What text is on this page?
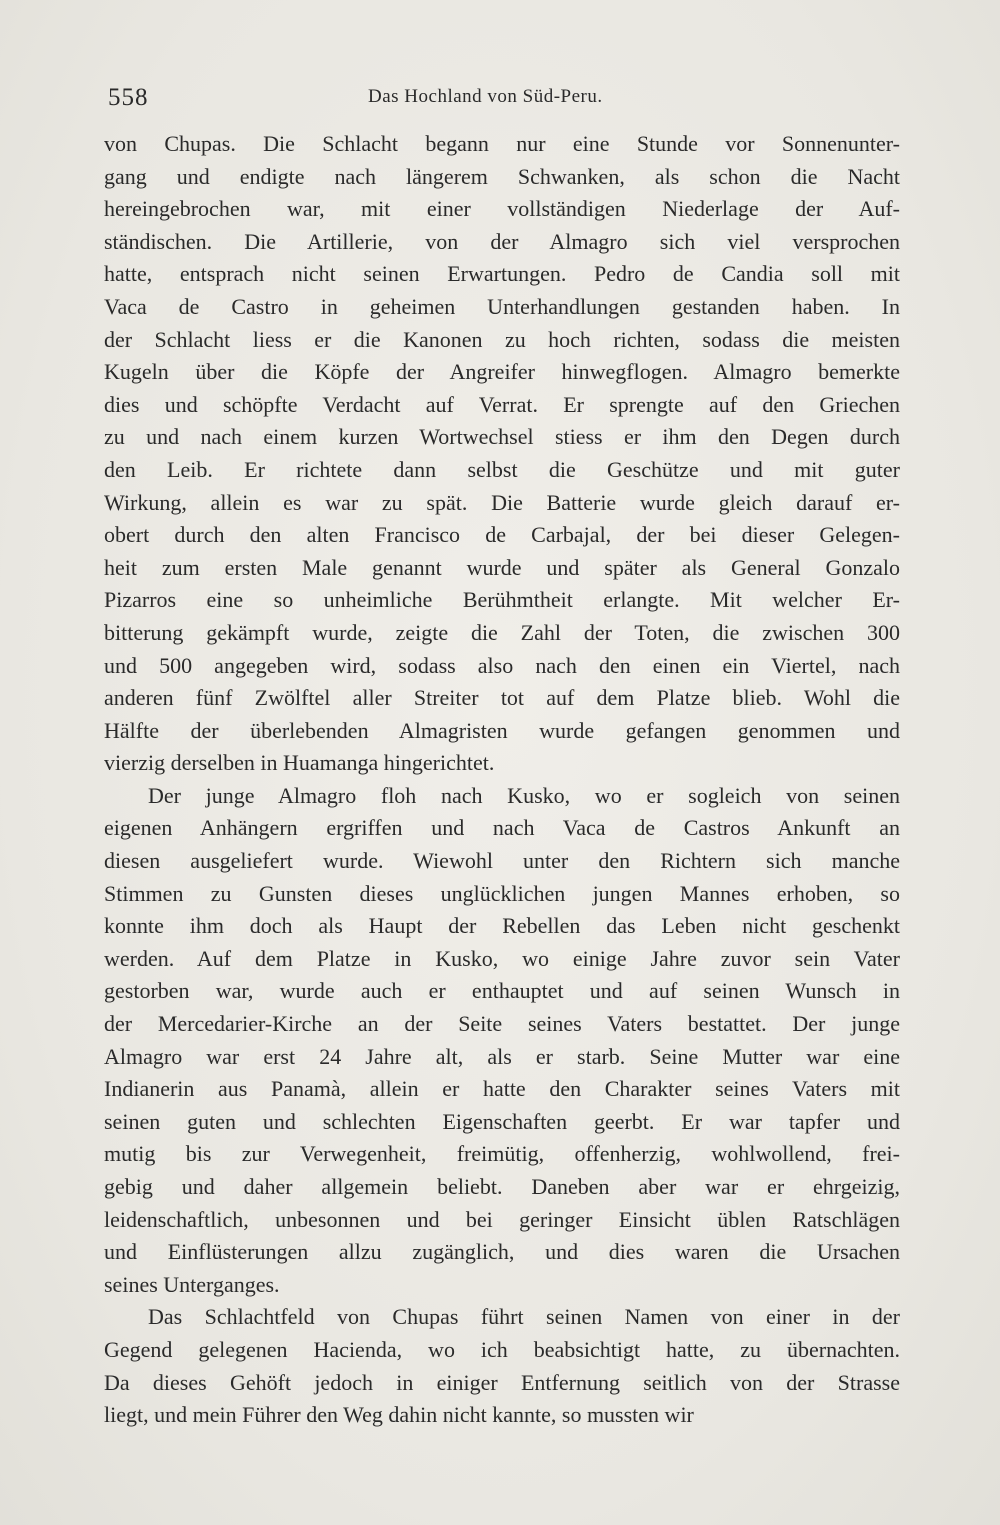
558	Das Hochland von Süd-Peru.
von Chupas. Die Schlacht begann nur eine Stunde vor Sonnenunter-
gang und endigte nach längerem Schwanken, als schon die Nacht
hereingebrochen war, mit einer vollständigen Niederlage der Auf-
ständischen. Die Artillerie, von der Almagro sich viel versprochen
hatte, entsprach nicht seinen Erwartungen. Pedro de Candia soll mit
Vaca de Castro in geheimen Unterhandlungen gestanden haben. In
der Schlacht liess er die Kanonen zu hoch richten, sodass die meisten
Kugeln über die Köpfe der Angreifer hinwegflogen. Almagro bemerkte
dies und schöpfte Verdacht auf Verrat. Er sprengte auf den Griechen
zu und nach einem kurzen Wortwechsel stiess er ihm den Degen durch
den Leib. Er richtete dann selbst die Geschütze und mit guter
Wirkung, allein es war zu spät. Die Batterie wurde gleich darauf er-
obert durch den alten Francisco de Carbajal, der bei dieser Gelegen-
heit zum ersten Male genannt wurde und später als General Gonzalo
Pizarros eine so unheimliche Berühmtheit erlangte. Mit welcher Er-
bitterung gekämpft wurde, zeigte die Zahl der Toten, die zwischen 300
und 500 angegeben wird, sodass also nach den einen ein Viertel, nach
anderen fünf Zwölftel aller Streiter tot auf dem Platze blieb. Wohl die
Hälfte der überlebenden Almagristen wurde gefangen genommen und
vierzig derselben in Huamanga hingerichtet.
Der junge Almagro floh nach Kusko, wo er sogleich von seinen
eigenen Anhängern ergriffen und nach Vaca de Castros Ankunft an
diesen ausgeliefert wurde. Wiewohl unter den Richtern sich manche
Stimmen zu Gunsten dieses unglücklichen jungen Mannes erhoben, so
konnte ihm doch als Haupt der Rebellen das Leben nicht geschenkt
werden. Auf dem Platze in Kusko, wo einige Jahre zuvor sein Vater
gestorben war, wurde auch er enthauptet und auf seinen Wunsch in
der Mercedarier-Kirche an der Seite seines Vaters bestattet. Der junge
Almagro war erst 24 Jahre alt, als er starb. Seine Mutter war eine
Indianerin aus Panamà, allein er hatte den Charakter seines Vaters mit
seinen guten und schlechten Eigenschaften geerbt. Er war tapfer und
mutig bis zur Verwegenheit, freimütig, offenherzig, wohlwollend, frei-
gebig und daher allgemein beliebt. Daneben aber war er ehrgeizig,
leidenschaftlich, unbesonnen und bei geringer Einsicht üblen Ratschlägen
und Einflüsterungen allzu zugänglich, und dies waren die Ursachen
seines Unterganges.
Das Schlachtfeld von Chupas führt seinen Namen von einer in der
Gegend gelegenen Hacienda, wo ich beabsichtigt hatte, zu übernachten.
Da dieses Gehöft jedoch in einiger Entfernung seitlich von der Strasse
liegt, und mein Führer den Weg dahin nicht kannte, so mussten wir
